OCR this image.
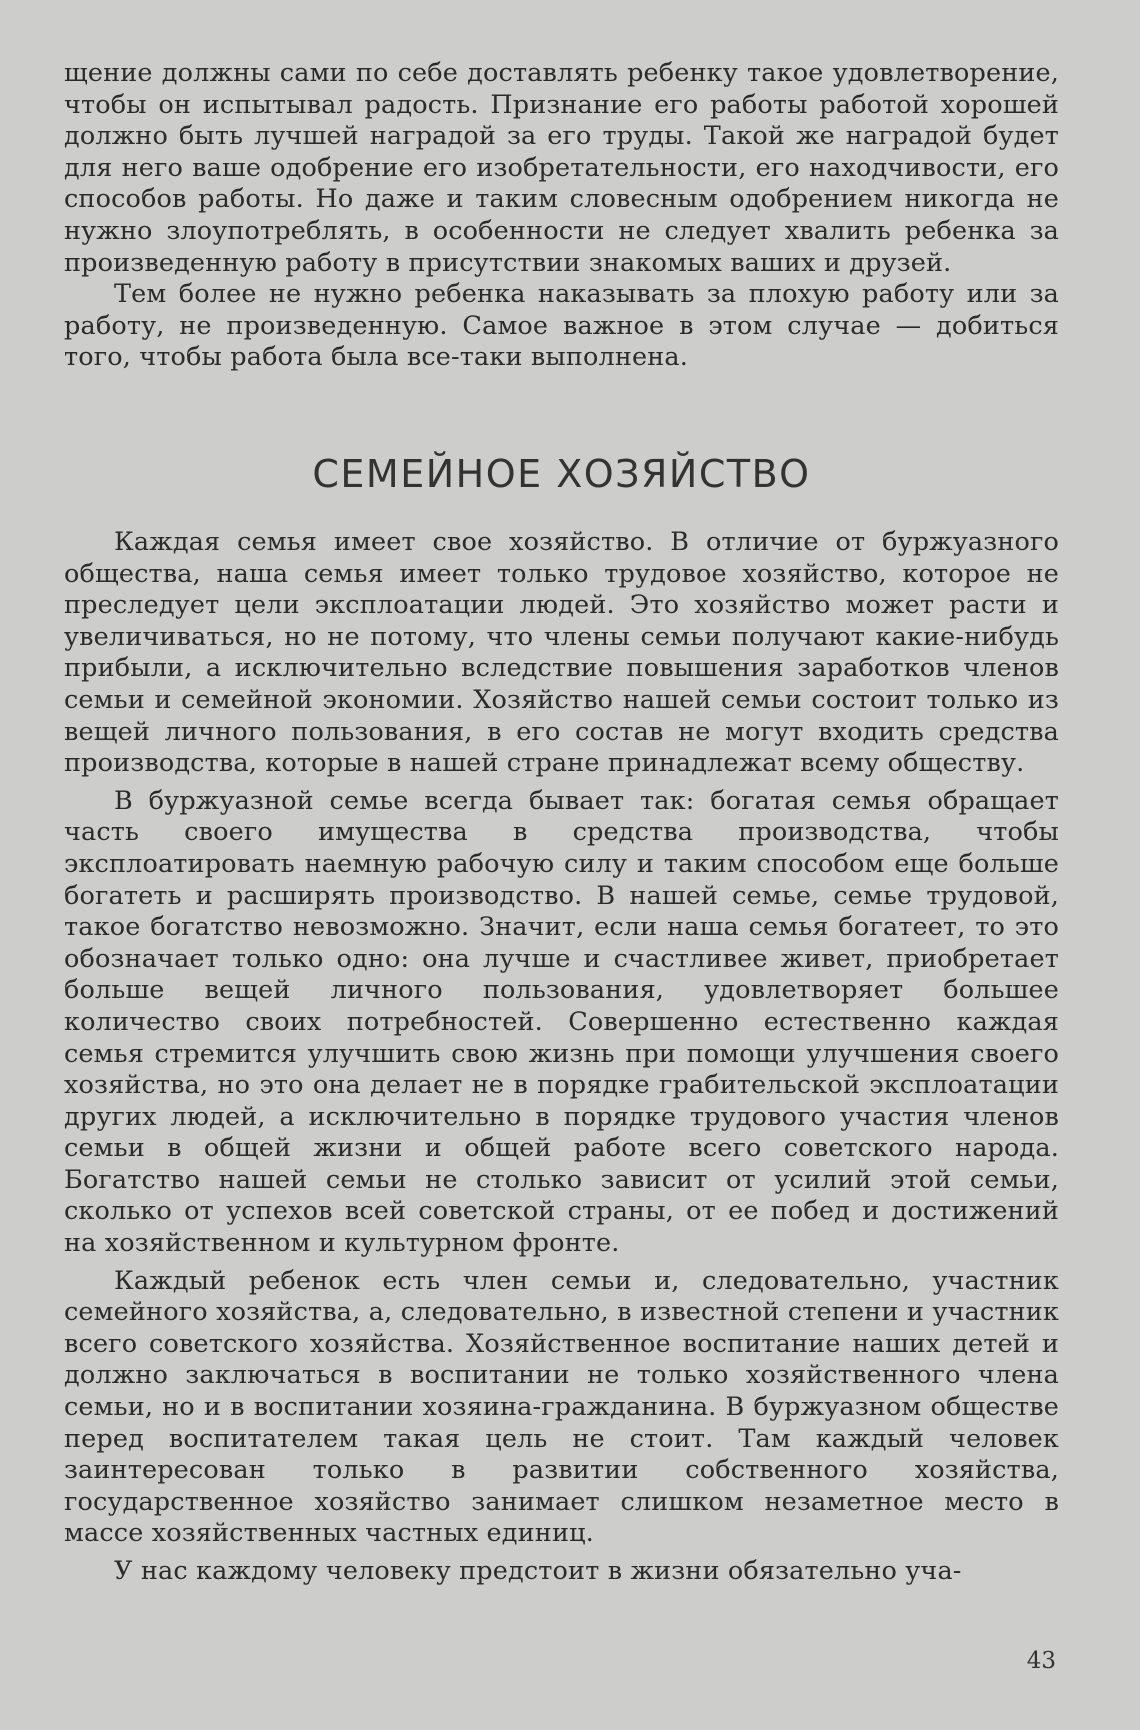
щение должны сами по себе доставлять ребенку такое удовлетворение, чтобы он испытывал радость. Признание его работы работой хорошей должно быть лучшей наградой за его труды. Такой же наградой будет для него ваше одобрение его изобретательности, его находчивости, его способов работы. Но даже и таким словесным одобрением никогда не нужно злоупотреблять, в особенности не следует хвалить ребенка за произведенную работу в присутствии знакомых ваших и друзей.

Тем более не нужно ребенка наказывать за плохую работу или за работу, не произведенную. Самое важное в этом случае — добиться того, чтобы работа была все-таки выполнена.

СЕМЕЙНОЕ ХОЗЯЙСТВО

Каждая семья имеет свое хозяйство. В отличие от буржуазного общества, наша семья имеет только трудовое хозяйство, которое не преследует цели эксплоатации людей. Это хозяйство может расти и увеличиваться, но не потому, что члены семьи получают какие-нибудь прибыли, а исключительно вследствие повышения заработков членов семьи и семейной экономии. Хозяйство нашей семьи состоит только из вещей личного пользования, в его состав не могут входить средства производства, которые в нашей стране принадлежат всему обществу.

В буржуазной семье всегда бывает так: богатая семья обращает часть своего имущества в средства производства, чтобы эксплоатировать наемную рабочую силу и таким способом еще больше богатеть и расширять производство. В нашей семье, семье трудовой, такое богатство невозможно. Значит, если наша семья богатеет, то это обозначает только одно: она лучше и счастливее живет, приобретает больше вещей личного пользования, удовлетворяет большее количество своих потребностей. Совершенно естественно каждая семья стремится улучшить свою жизнь при помощи улучшения своего хозяйства, но это она делает не в порядке грабительской эксплоатации других людей, а исключительно в порядке трудового участия членов семьи в общей жизни и общей работе всего советского народа. Богатство нашей семьи не столько зависит от усилий этой семьи, сколько от успехов всей советской страны, от ее побед и достижений на хозяйственном и культурном фронте.

Каждый ребенок есть член семьи и, следовательно, участник семейного хозяйства, а, следовательно, в известной степени и участник всего советского хозяйства. Хозяйственное воспитание наших детей и должно заключаться в воспитании не только хозяйственного члена семьи, но и в воспитании хозяина-гражданина. В буржуазном обществе перед воспитателем такая цель не стоит. Там каждый человек заинтересован только в развитии собственного хозяйства, государственное хозяйство занимает слишком незаметное место в массе хозяйственных частных единиц.

У нас каждому человеку предстоит в жизни обязательно уча-

43
